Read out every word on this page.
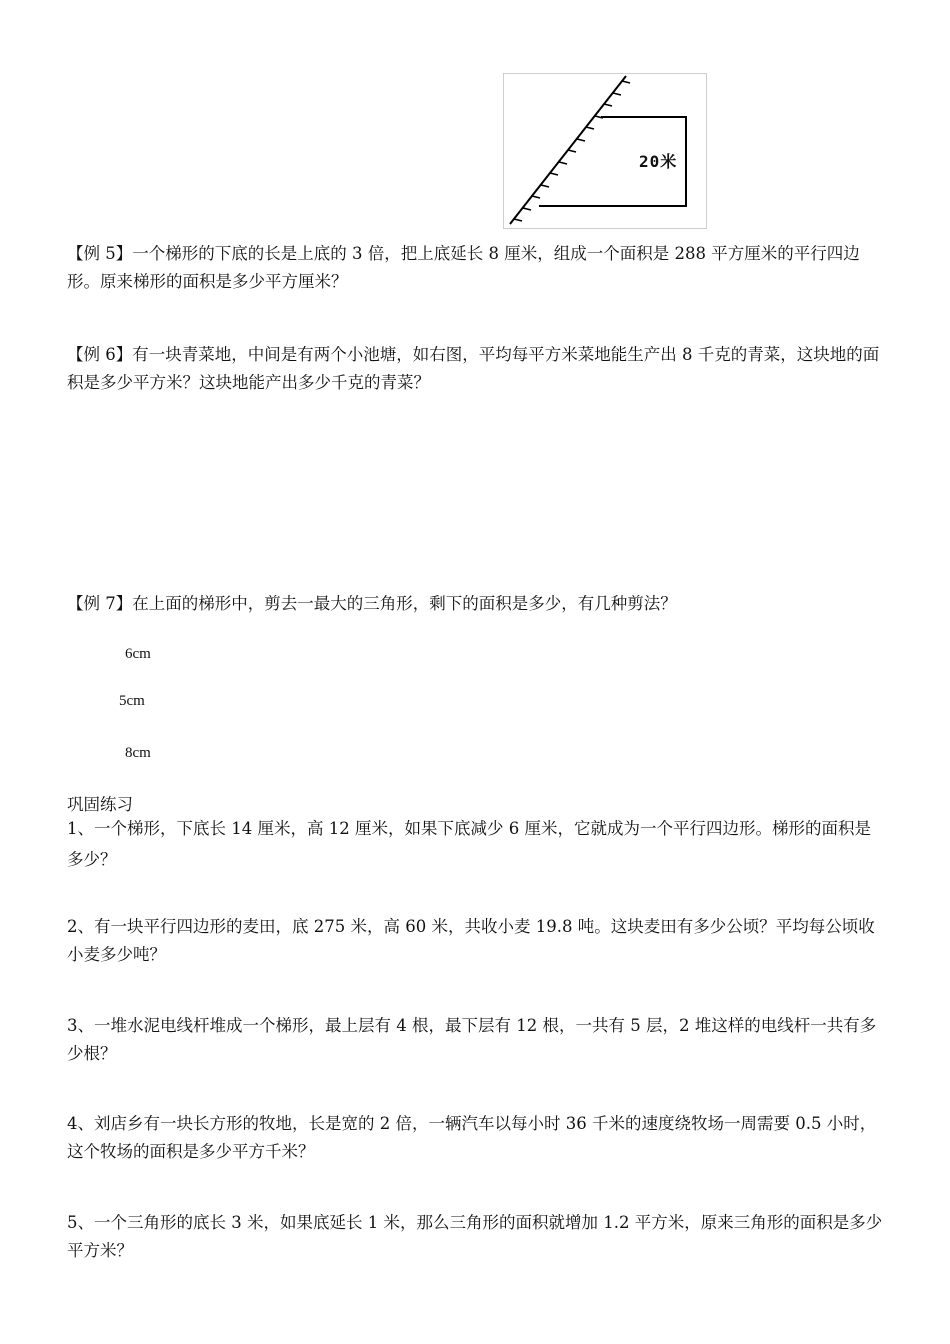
20米
【例 5】一个梯形的下底的长是上底的 3 倍，把上底延长 8 厘米，组成一个面积是 288 平方厘米的平行四边形。原来梯形的面积是多少平方厘米？
【例 6】有一块青菜地，中间是有两个小池塘，如右图，平均每平方米菜地能生产出 8 千克的青菜，这块地的面积是多少平方米？这块地能产出多少千克的青菜？
【例 7】在上面的梯形中，剪去一最大的三角形，剩下的面积是多少，有几种剪法？
6cm
5cm
8cm
巩固练习
1、一个梯形，下底长 14 厘米，高 12 厘米，如果下底减少 6 厘米，它就成为一个平行四边形。梯形的面积是多少？
2、有一块平行四边形的麦田，底 275 米，高 60 米，共收小麦 19.8 吨。这块麦田有多少公顷？平均每公顷收小麦多少吨？
3、一堆水泥电线杆堆成一个梯形，最上层有 4 根，最下层有 12 根，一共有 5 层，2 堆这样的电线杆一共有多少根？
4、刘店乡有一块长方形的牧地，长是宽的 2 倍，一辆汽车以每小时 36 千米的速度绕牧场一周需要 0.5 小时，这个牧场的面积是多少平方千米？
5、一个三角形的底长 3 米，如果底延长 1 米，那么三角形的面积就增加 1.2 平方米，原来三角形的面积是多少平方米？
